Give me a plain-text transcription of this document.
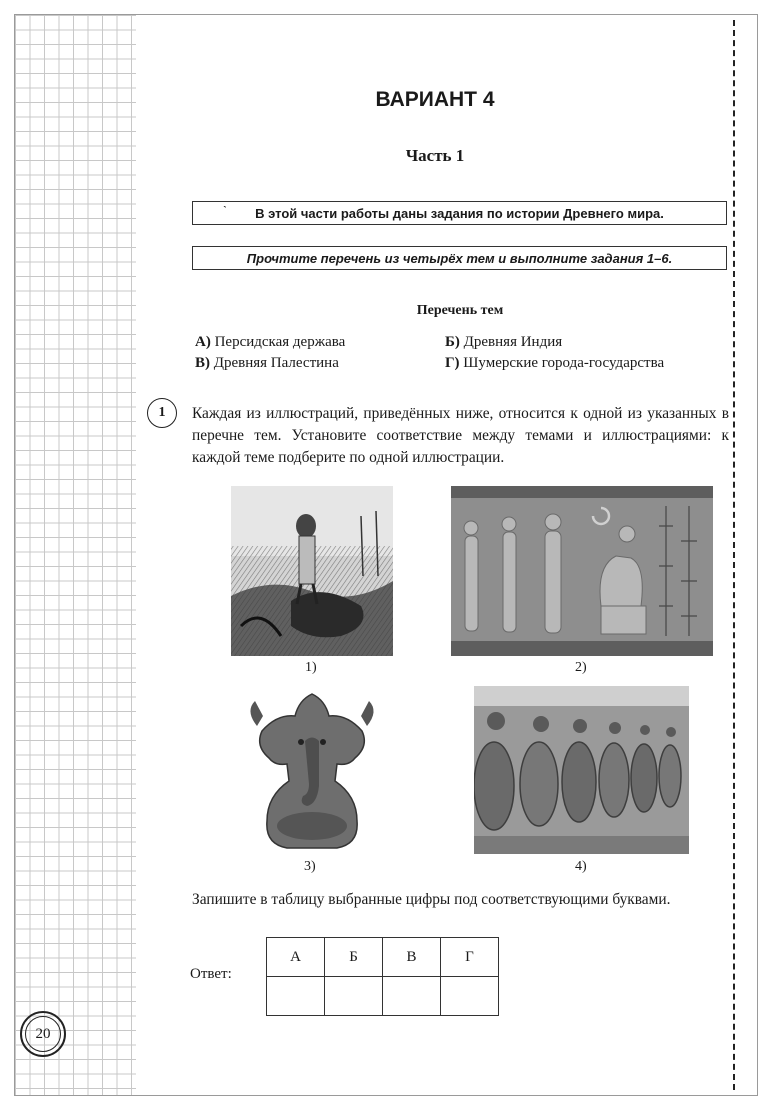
ВАРИАНТ 4
Часть 1
ˋ В этой части работы даны задания по истории Древнего мира.
Прочтите перечень из четырёх тем и выполните задания 1–6.
Перечень тем
А) Персидская держава	Б) Древняя Индия
В) Древняя Палестина	Г) Шумерские города-государства
1	Каждая из иллюстраций, приведённых ниже, относится к одной из указанных в перечне тем. Установите соответствие между темами и иллюстрациями: к каждой теме подберите по одной иллюстрации.
1)	2)
3)	4)
Запишите в таблицу выбранные цифры под соответствующими буквами.
Ответ:
А	Б	В	Г

20
